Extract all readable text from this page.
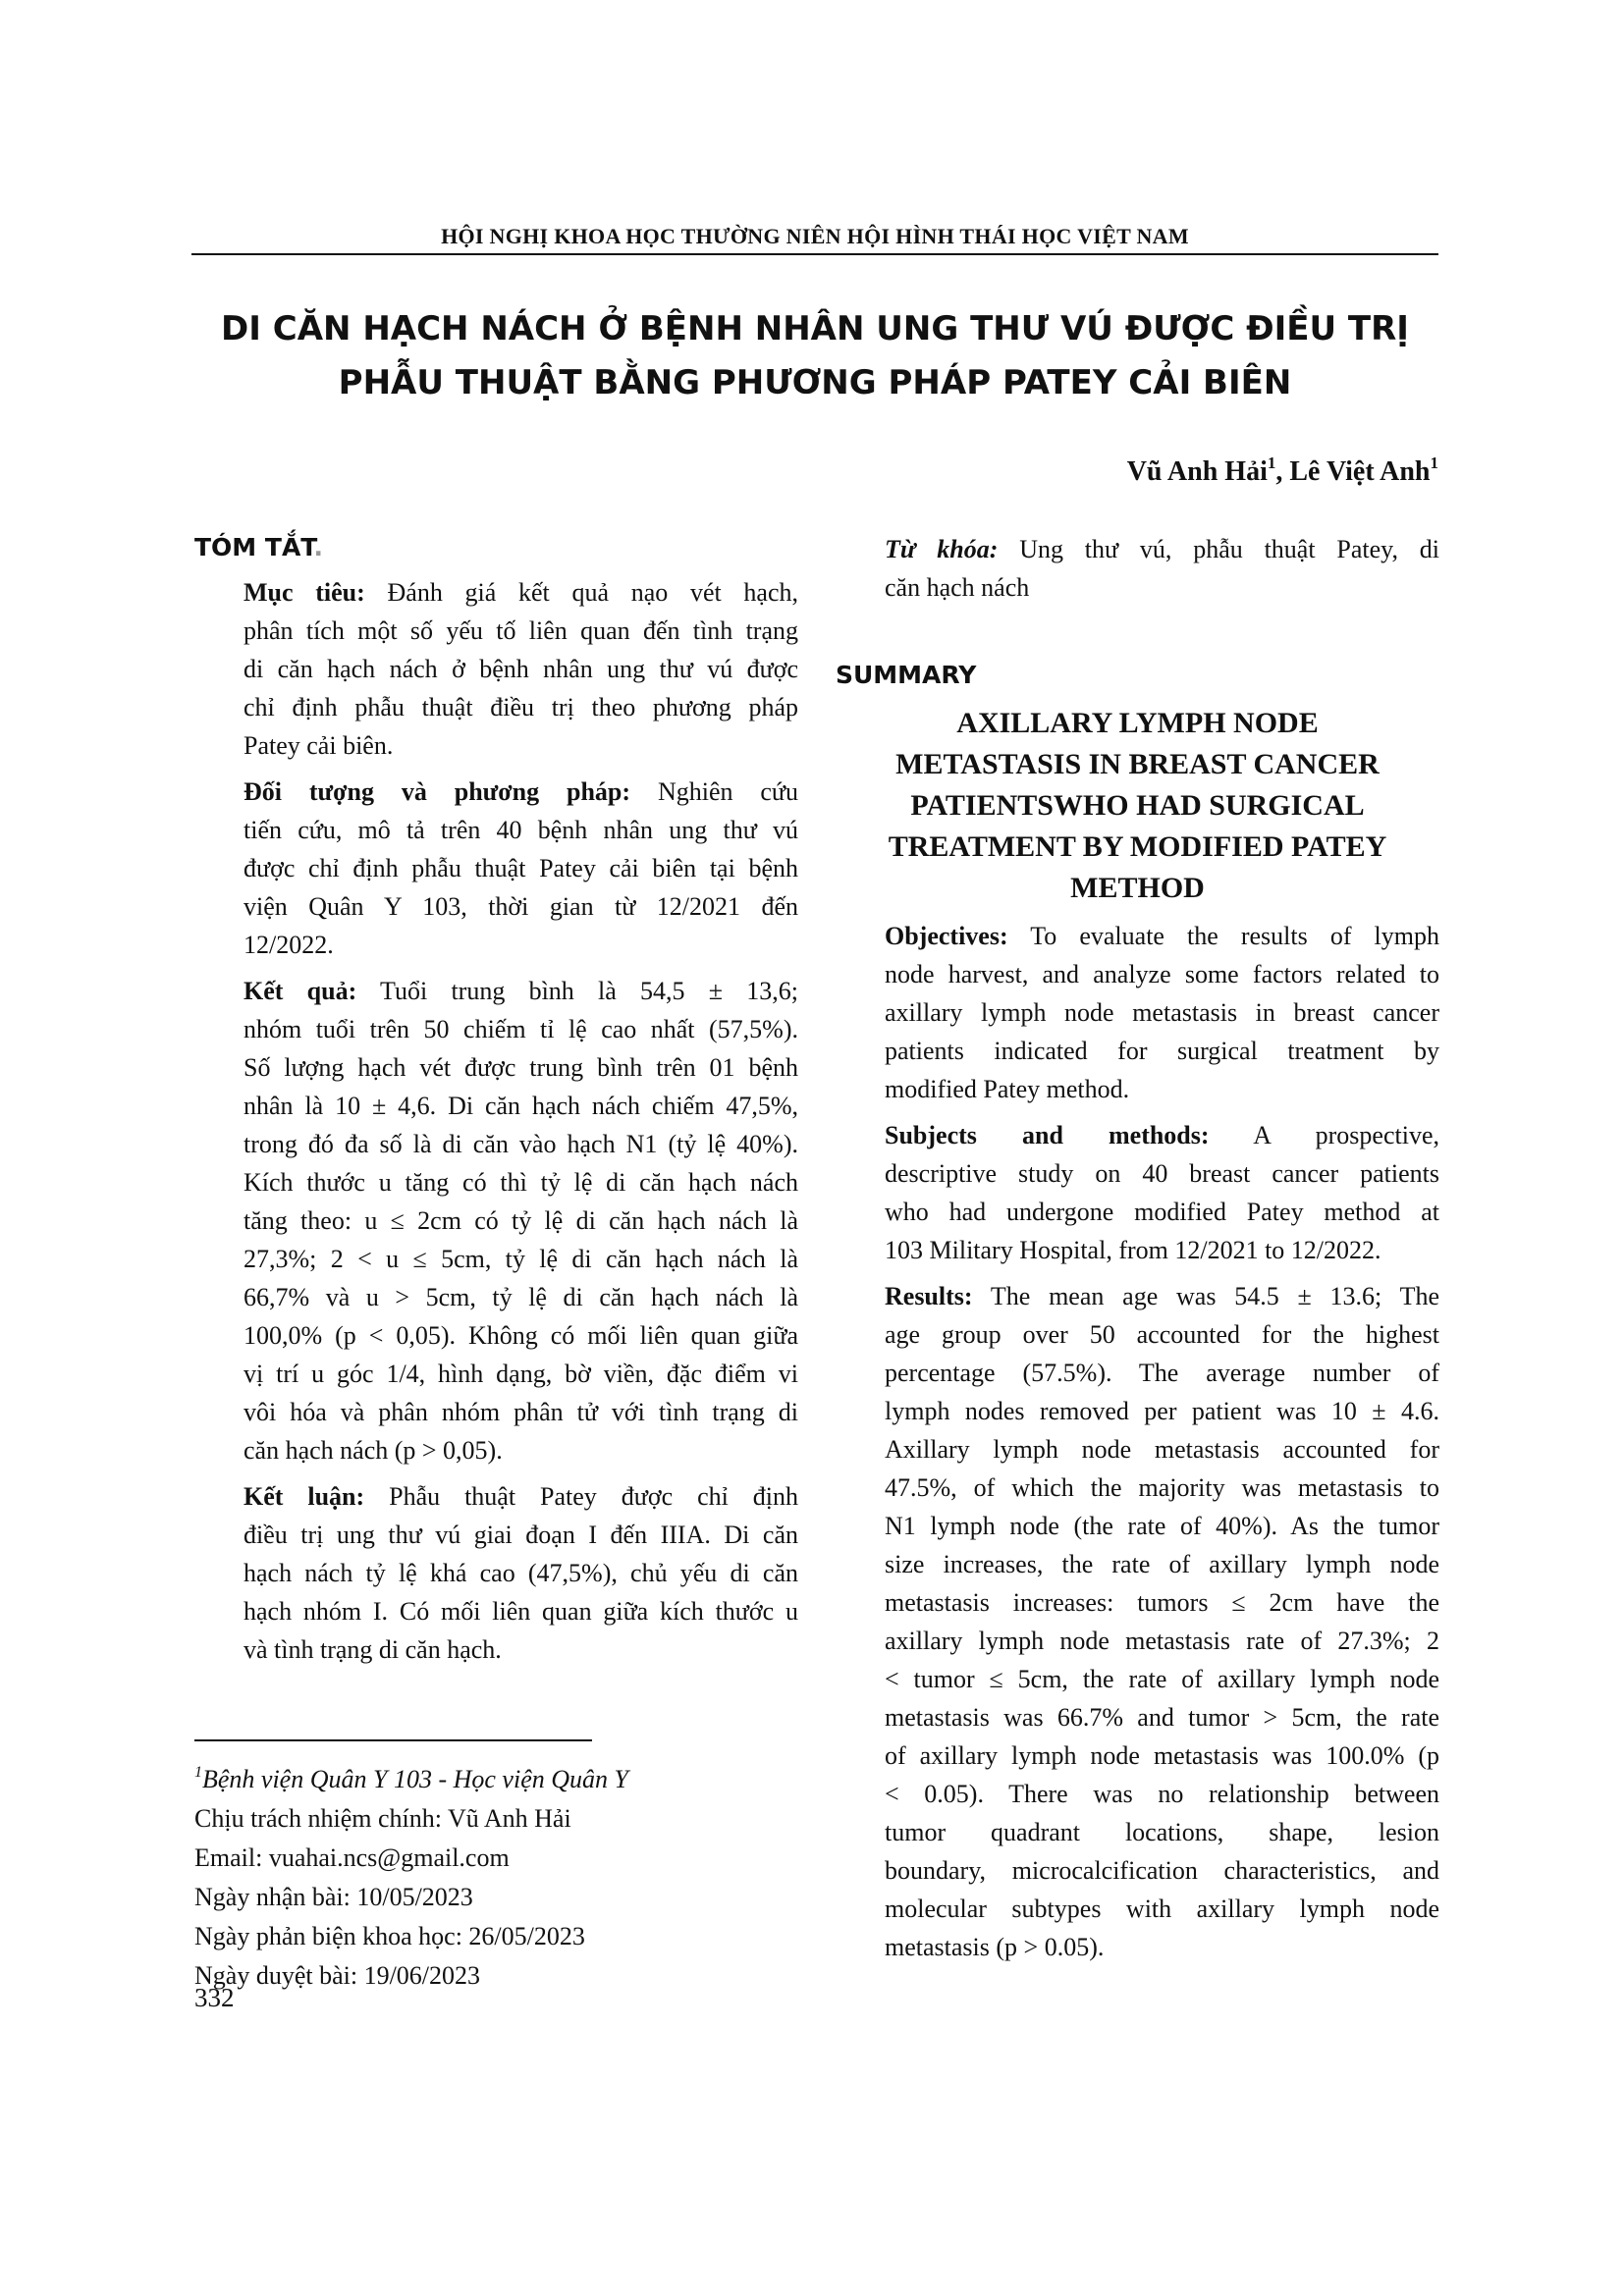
HỘI NGHỊ KHOA HỌC THƯỜNG NIÊN HỘI HÌNH THÁI HỌC VIỆT NAM
DI CĂN HẠCH NÁCH Ở BỆNH NHÂN UNG THƯ VÚ ĐƯỢC ĐIỀU TRỊ
PHẪU THUẬT BẰNG PHƯƠNG PHÁP PATEY CẢI BIÊN
Vũ Anh Hải$^1$, Lê Việt Anh$^1$
TÓM TẮT.

Mục tiêu: Đánh giá kết quả nạo vét hạch,
phân tích một số yếu tố liên quan đến tình trạng
di căn hạch nách ở bệnh nhân ung thư vú được
chỉ định phẫu thuật điều trị theo phương pháp
Patey cải biên.

Đối tượng và phương pháp: Nghiên cứu
tiến cứu, mô tả trên 40 bệnh nhân ung thư vú
được chỉ định phẫu thuật Patey cải biên tại bệnh
viện Quân Y 103, thời gian từ 12/2021 đến
12/2022.

Kết quả: Tuổi trung bình là 54,5 ± 13,6;
nhóm tuổi trên 50 chiếm tỉ lệ cao nhất (57,5%).
Số lượng hạch vét được trung bình trên 01 bệnh
nhân là 10 ± 4,6. Di căn hạch nách chiếm 47,5%,
trong đó đa số là di căn vào hạch N1 (tỷ lệ 40%).
Kích thước u tăng có thì tỷ lệ di căn hạch nách
tăng theo: u ≤ 2cm có tỷ lệ di căn hạch nách là
27,3%; 2 < u ≤ 5cm, tỷ lệ di căn hạch nách là
66,7% và u > 5cm, tỷ lệ di căn hạch nách là
100,0% (p < 0,05). Không có mối liên quan giữa
vị trí u góc 1/4, hình dạng, bờ viền, đặc điểm vi
vôi hóa và phân nhóm phân tử với tình trạng di
căn hạch nách (p > 0,05).

Kết luận: Phẫu thuật Patey được chỉ định
điều trị ung thư vú giai đoạn I đến IIIA. Di căn
hạch nách tỷ lệ khá cao (47,5%), chủ yếu di căn
hạch nhóm I. Có mối liên quan giữa kích thước u
và tình trạng di căn hạch.

Từ khóa: Ung thư vú, phẫu thuật Patey, di
căn hạch nách

SUMMARY
AXILLARY LYMPH NODE
METASTASIS IN BREAST CANCER
PATIENTSWHO HAD SURGICAL
TREATMENT BY MODIFIED PATEY
METHOD

Objectives: To evaluate the results of lymph
node harvest, and analyze some factors related to
axillary lymph node metastasis in breast cancer
patients indicated for surgical treatment by
modified Patey method.

Subjects and methods: A prospective,
descriptive study on 40 breast cancer patients
who had undergone modified Patey method at
103 Military Hospital, from 12/2021 to 12/2022.

Results: The mean age was 54.5 ± 13.6; The
age group over 50 accounted for the highest
percentage (57.5%). The average number of
lymph nodes removed per patient was 10 ± 4.6.
Axillary lymph node metastasis accounted for
47.5%, of which the majority was metastasis to
N1 lymph node (the rate of 40%). As the tumor
size increases, the rate of axillary lymph node
metastasis increases: tumors ≤ 2cm have the
axillary lymph node metastasis rate of 27.3%; 2
< tumor ≤ 5cm, the rate of axillary lymph node
metastasis was 66.7% and tumor > 5cm, the rate
of axillary lymph node metastasis was 100.0% (p
< 0.05). There was no relationship between
tumor quadrant locations, shape, lesion
boundary, microcalcification characteristics, and
molecular subtypes with axillary lymph node
metastasis (p > 0.05).

$^1$Bệnh viện Quân Y 103 - Học viện Quân Y
Chịu trách nhiệm chính: Vũ Anh Hải
Email: vuahai.ncs@gmail.com
Ngày nhận bài: 10/05/2023
Ngày phản biện khoa học: 26/05/2023
Ngày duyệt bài: 19/06/2023
332
